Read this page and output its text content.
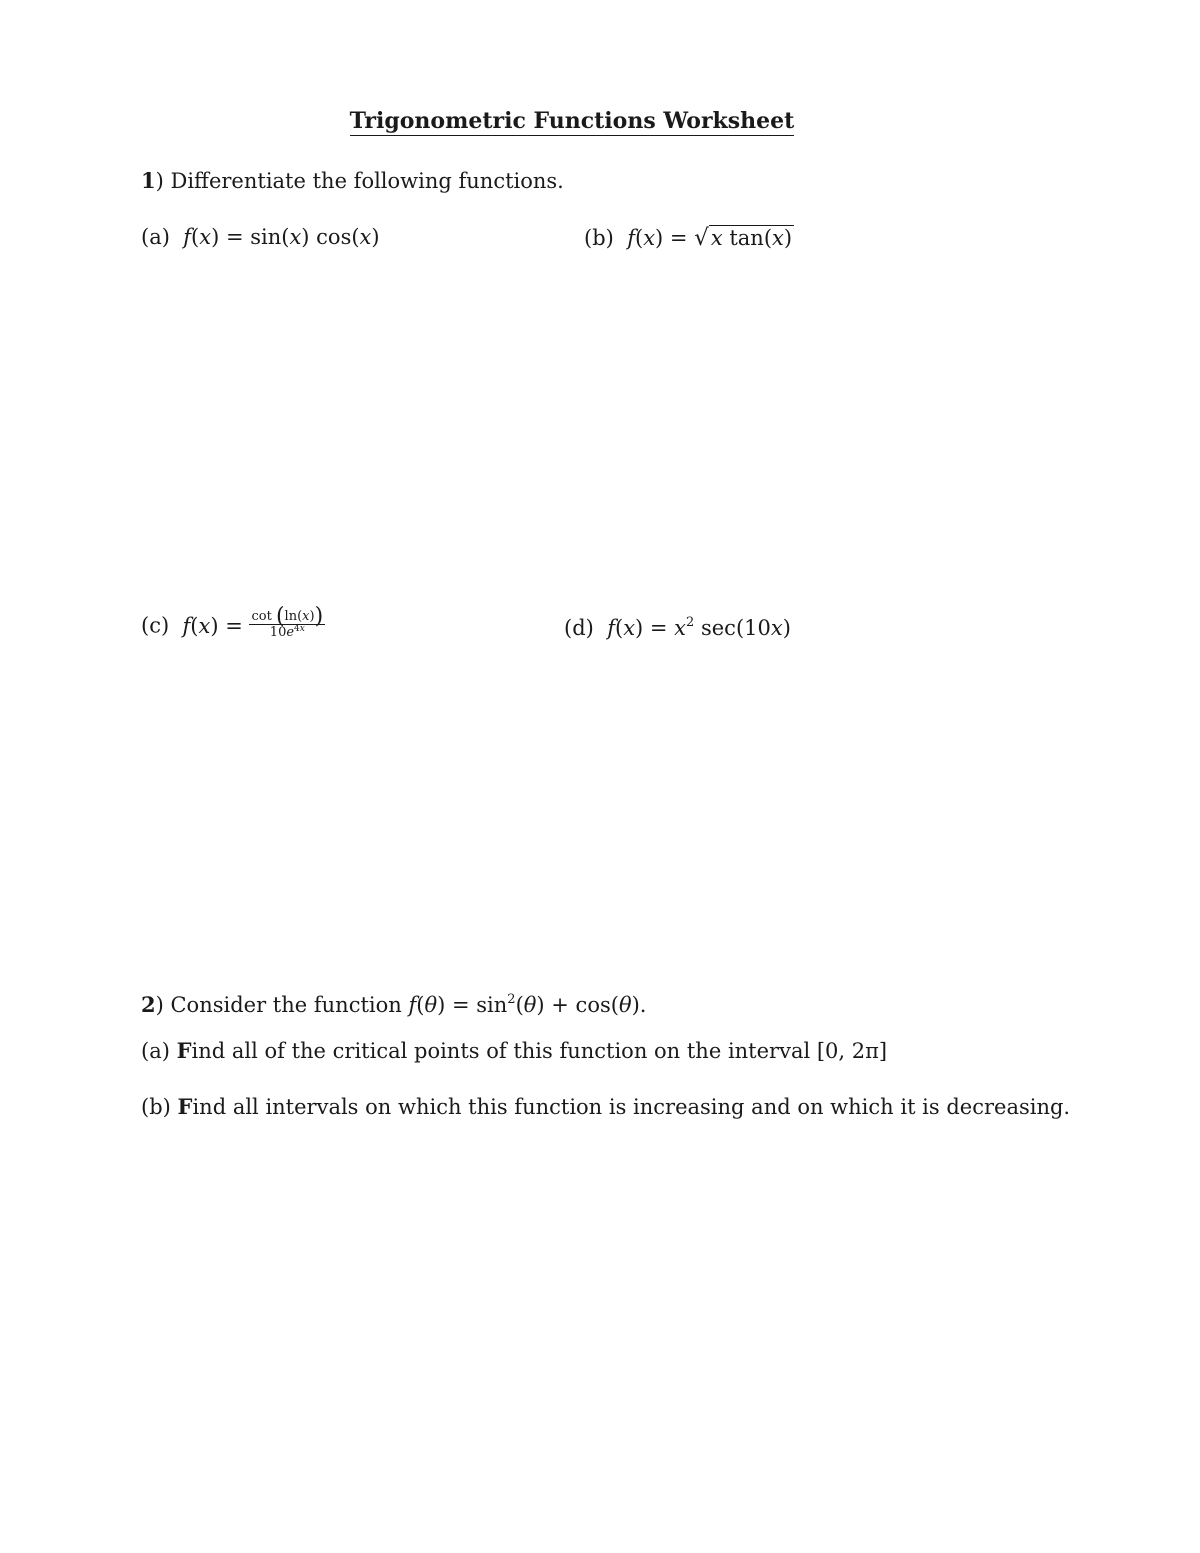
Trigonometric Functions Worksheet
1) Differentiate the following functions.
(a) f(x) = sin(x) cos(x)	(b) f(x) = √x tan(x)
(c) $f(x) = \frac{\cot (\ln(x))}{10e^{4x}}$	(d) $f(x) = x^2$ sec(10x)
2) Consider the function $f(\theta) = \sin^2(\theta) + \cos(\theta)$.
(a) Find all of the critical points of this function on the interval [0, 2π]
(b) Find all intervals on which this function is increasing and on which it is decreasing.
